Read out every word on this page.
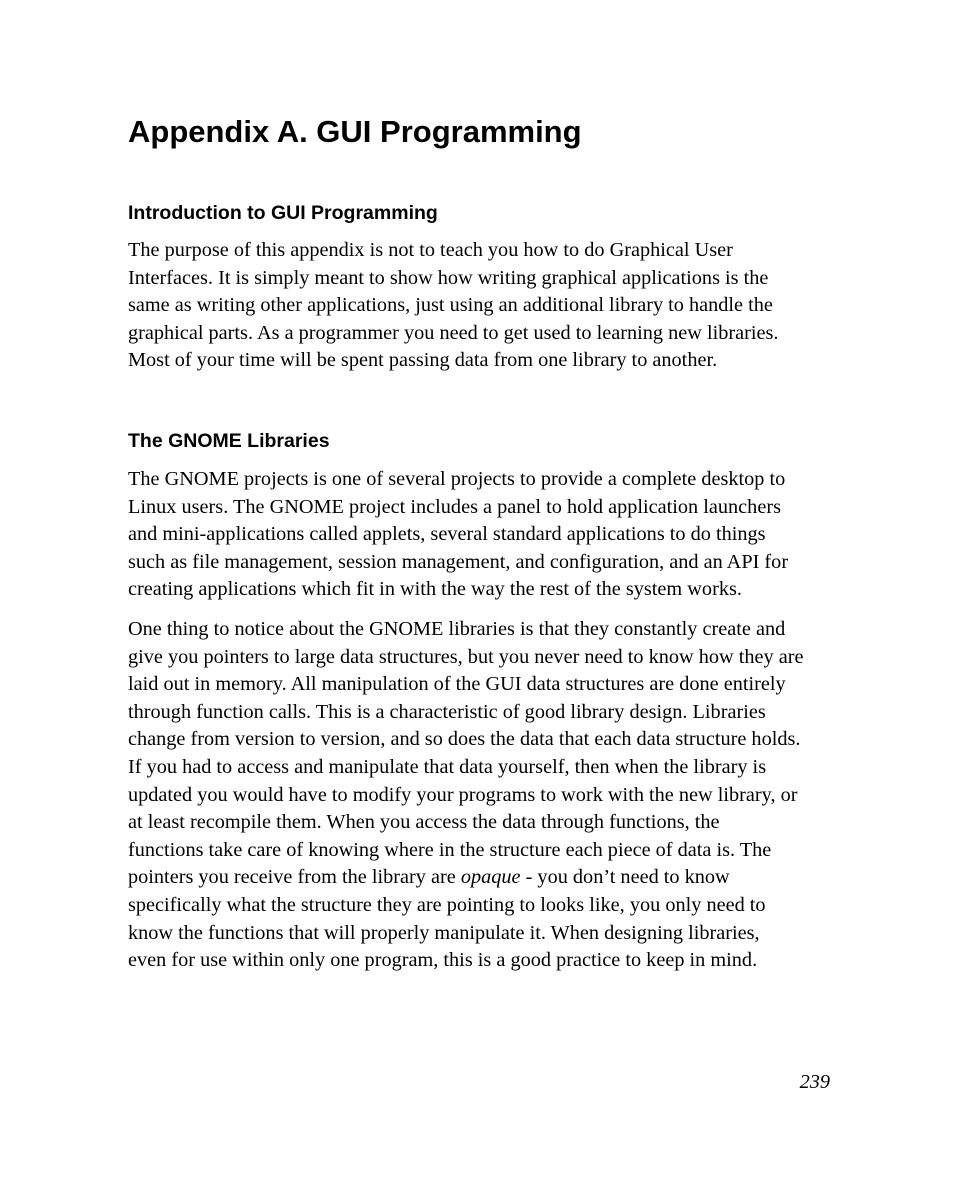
Appendix A. GUI Programming
Introduction to GUI Programming

The purpose of this appendix is not to teach you how to do Graphical User
Interfaces. It is simply meant to show how writing graphical applications is the
same as writing other applications, just using an additional library to handle the
graphical parts. As a programmer you need to get used to learning new libraries.
Most of your time will be spent passing data from one library to another.

The GNOME Libraries

The GNOME projects is one of several projects to provide a complete desktop to
Linux users. The GNOME project includes a panel to hold application launchers
and mini-applications called applets, several standard applications to do things
such as file management, session management, and configuration, and an API for
creating applications which fit in with the way the rest of the system works.

One thing to notice about the GNOME libraries is that they constantly create and
give you pointers to large data structures, but you never need to know how they are
laid out in memory. All manipulation of the GUI data structures are done entirely
through function calls. This is a characteristic of good library design. Libraries
change from version to version, and so does the data that each data structure holds.
If you had to access and manipulate that data yourself, then when the library is
updated you would have to modify your programs to work with the new library, or
at least recompile them. When you access the data through functions, the
functions take care of knowing where in the structure each piece of data is. The
pointers you receive from the library are opaque - you don’t need to know
specifically what the structure they are pointing to looks like, you only need to
know the functions that will properly manipulate it. When designing libraries,
even for use within only one program, this is a good practice to keep in mind.

239
